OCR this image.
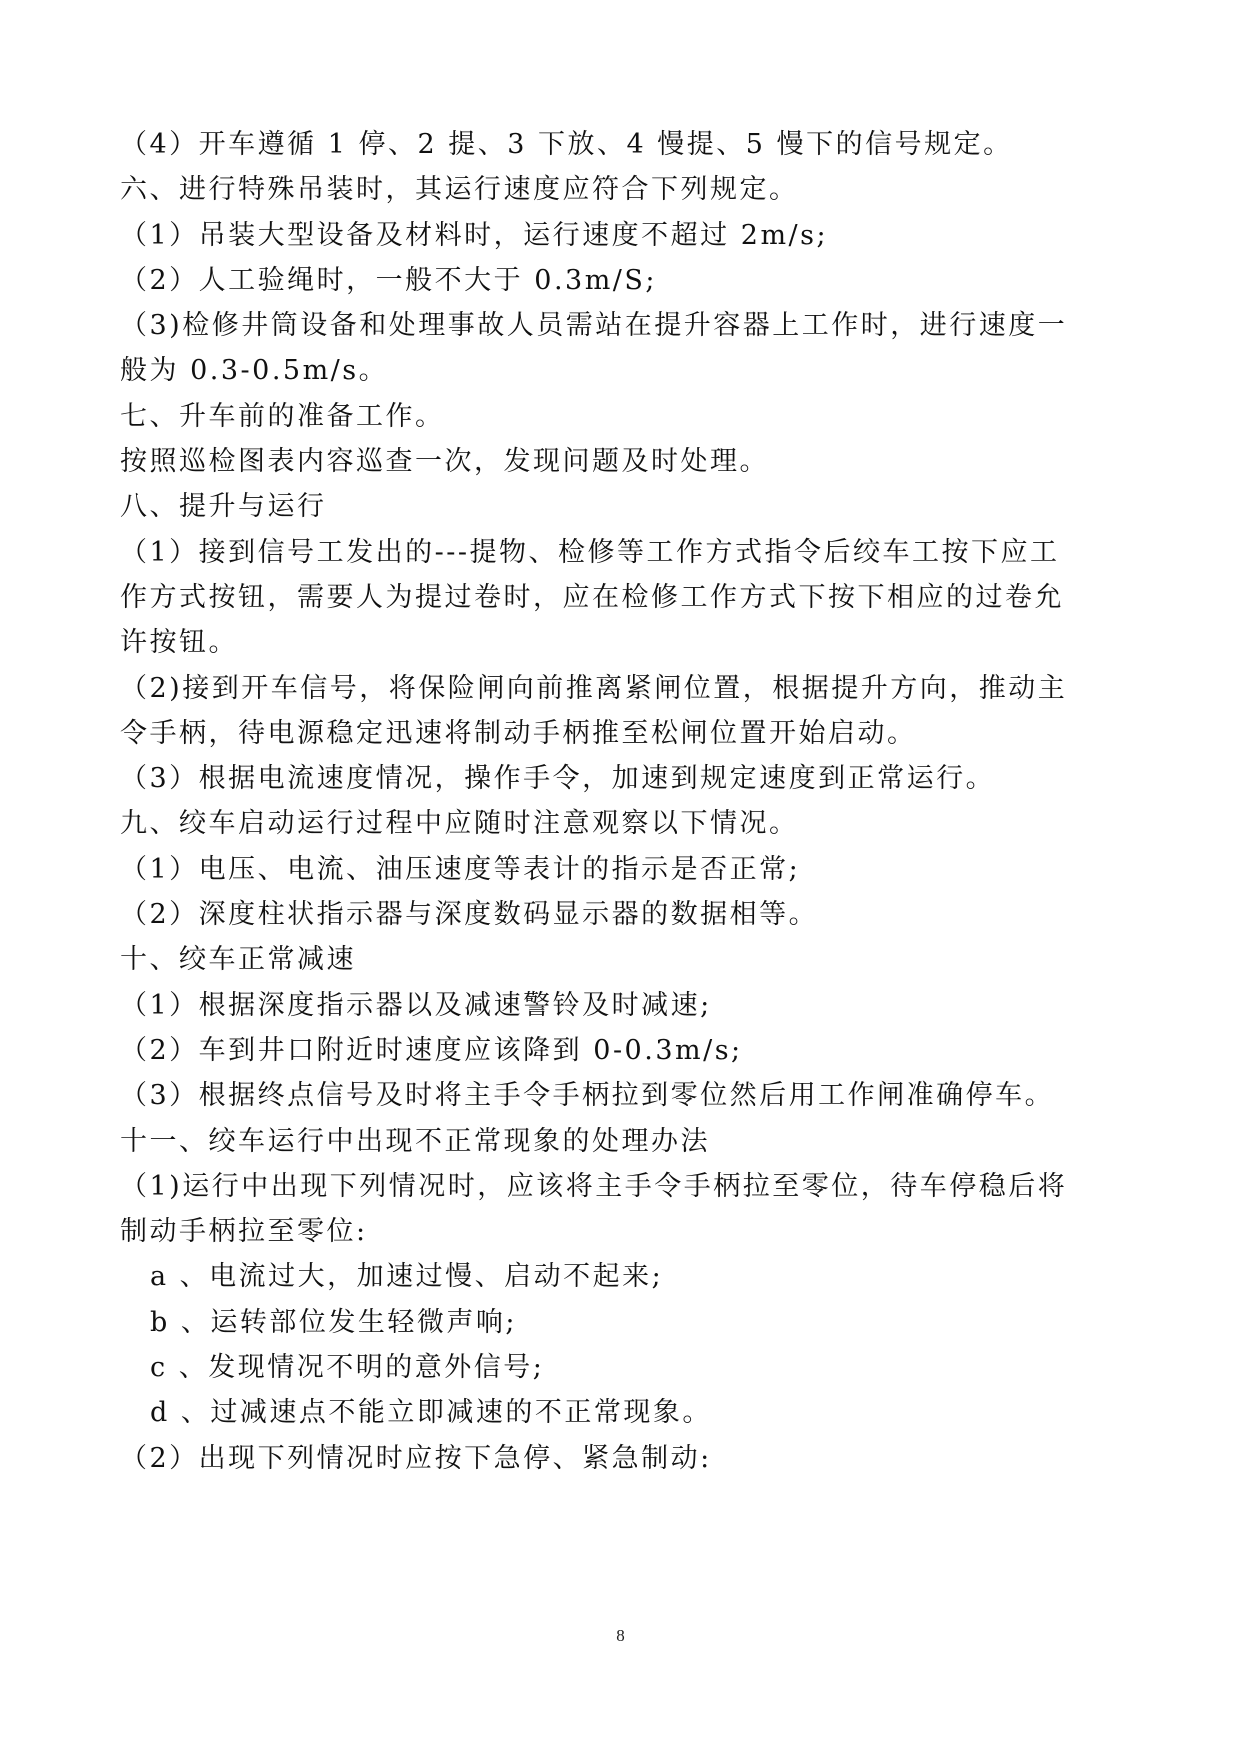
（4）开车遵循 1 停、2 提、3 下放、4 慢提、5 慢下的信号规定。
六、进行特殊吊装时，其运行速度应符合下列规定。
（1）吊装大型设备及材料时，运行速度不超过 2m/s;
（2）人工验绳时，一般不大于 0.3m/S;
（3)检修井筒设备和处理事故人员需站在提升容器上工作时，进行速度一
般为 0.3-0.5m/s。
七、升车前的准备工作。
按照巡检图表内容巡查一次，发现问题及时处理。
八、提升与运行
（1）接到信号工发出的---提物、检修等工作方式指令后绞车工按下应工
作方式按钮，需要人为提过卷时，应在检修工作方式下按下相应的过卷允
许按钮。
（2)接到开车信号，将保险闸向前推离紧闸位置，根据提升方向，推动主
令手柄，待电源稳定迅速将制动手柄推至松闸位置开始启动。
（3）根据电流速度情况，操作手令，加速到规定速度到正常运行。
九、绞车启动运行过程中应随时注意观察以下情况。
（1）电压、电流、油压速度等表计的指示是否正常;
（2）深度柱状指示器与深度数码显示器的数据相等。
十、绞车正常减速
（1）根据深度指示器以及减速警铃及时减速;
（2）车到井口附近时速度应该降到 0-0.3m/s;
（3）根据终点信号及时将主手令手柄拉到零位然后用工作闸准确停车。
十一、绞车运行中出现不正常现象的处理办法
（1)运行中出现下列情况时，应该将主手令手柄拉至零位，待车停稳后将
制动手柄拉至零位:
a 、电流过大，加速过慢、启动不起来;
b 、运转部位发生轻微声响;
c 、发现情况不明的意外信号;
d 、过减速点不能立即减速的不正常现象。
（2）出现下列情况时应按下急停、紧急制动:
8
